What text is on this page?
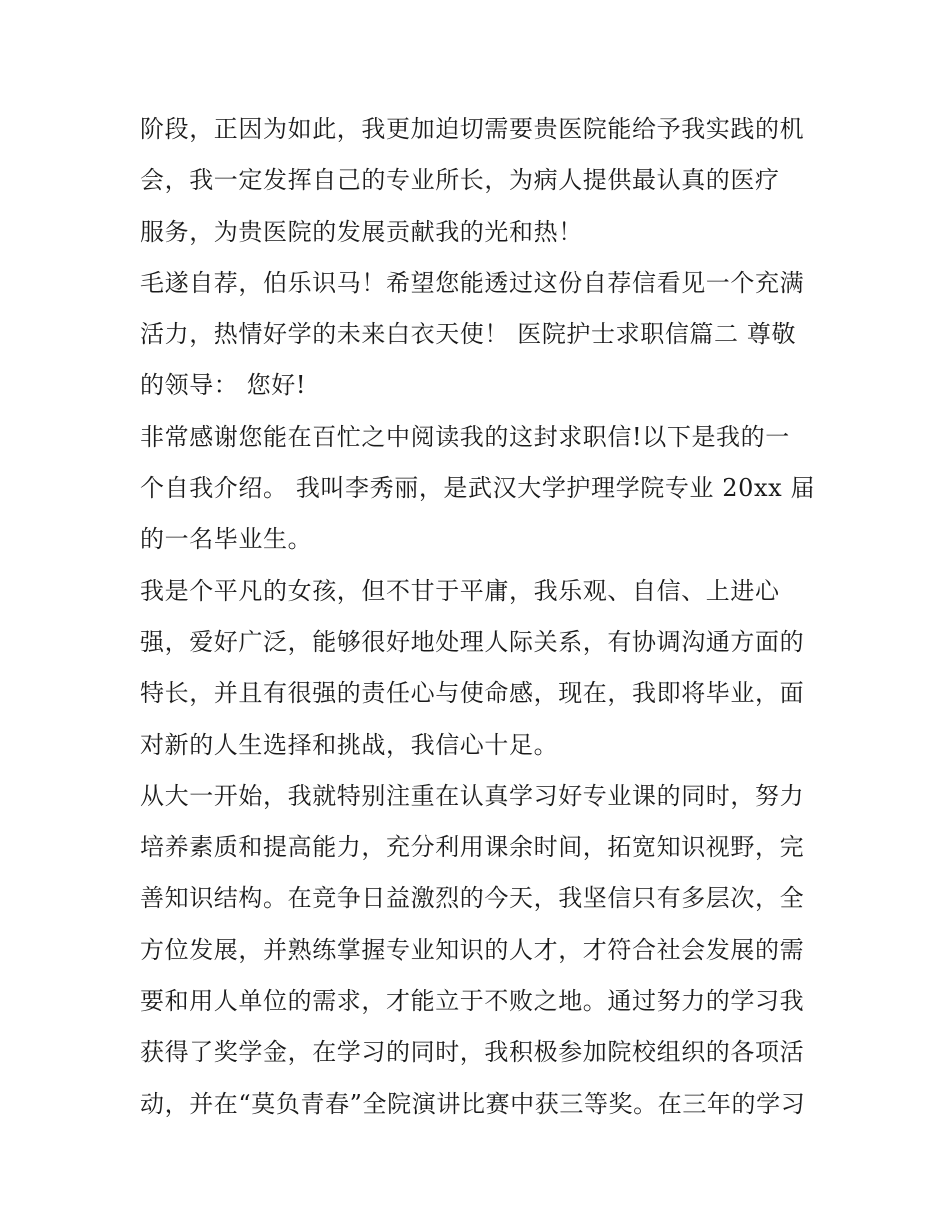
阶段，正因为如此，我更加迫切需要贵医院能给予我实践的机
会，我一定发挥自己的专业所长，为病人提供最认真的医疗
服务，为贵医院的发展贡献我的光和热！
毛遂自荐，伯乐识马！希望您能透过这份自荐信看见一个充满
活力，热情好学的未来白衣天使！ 医院护士求职信篇二 尊敬
的领导： 您好!
非常感谢您能在百忙之中阅读我的这封求职信!以下是我的一
个自我介绍。 我叫李秀丽，是武汉大学护理学院专业 20xx 届
的一名毕业生。
我是个平凡的女孩，但不甘于平庸，我乐观、自信、上进心
强，爱好广泛，能够很好地处理人际关系，有协调沟通方面的
特长，并且有很强的责任心与使命感，现在，我即将毕业，面
对新的人生选择和挑战，我信心十足。
从大一开始，我就特别注重在认真学习好专业课的同时，努力
培养素质和提高能力，充分利用课余时间，拓宽知识视野，完
善知识结构。在竞争日益激烈的今天，我坚信只有多层次，全
方位发展，并熟练掌握专业知识的人才，才符合社会发展的需
要和用人单位的需求，才能立于不败之地。通过努力的学习我
获得了奖学金，在学习的同时，我积极参加院校组织的各项活
动，并在“莫负青春”全院演讲比赛中获三等奖。在三年的学习
